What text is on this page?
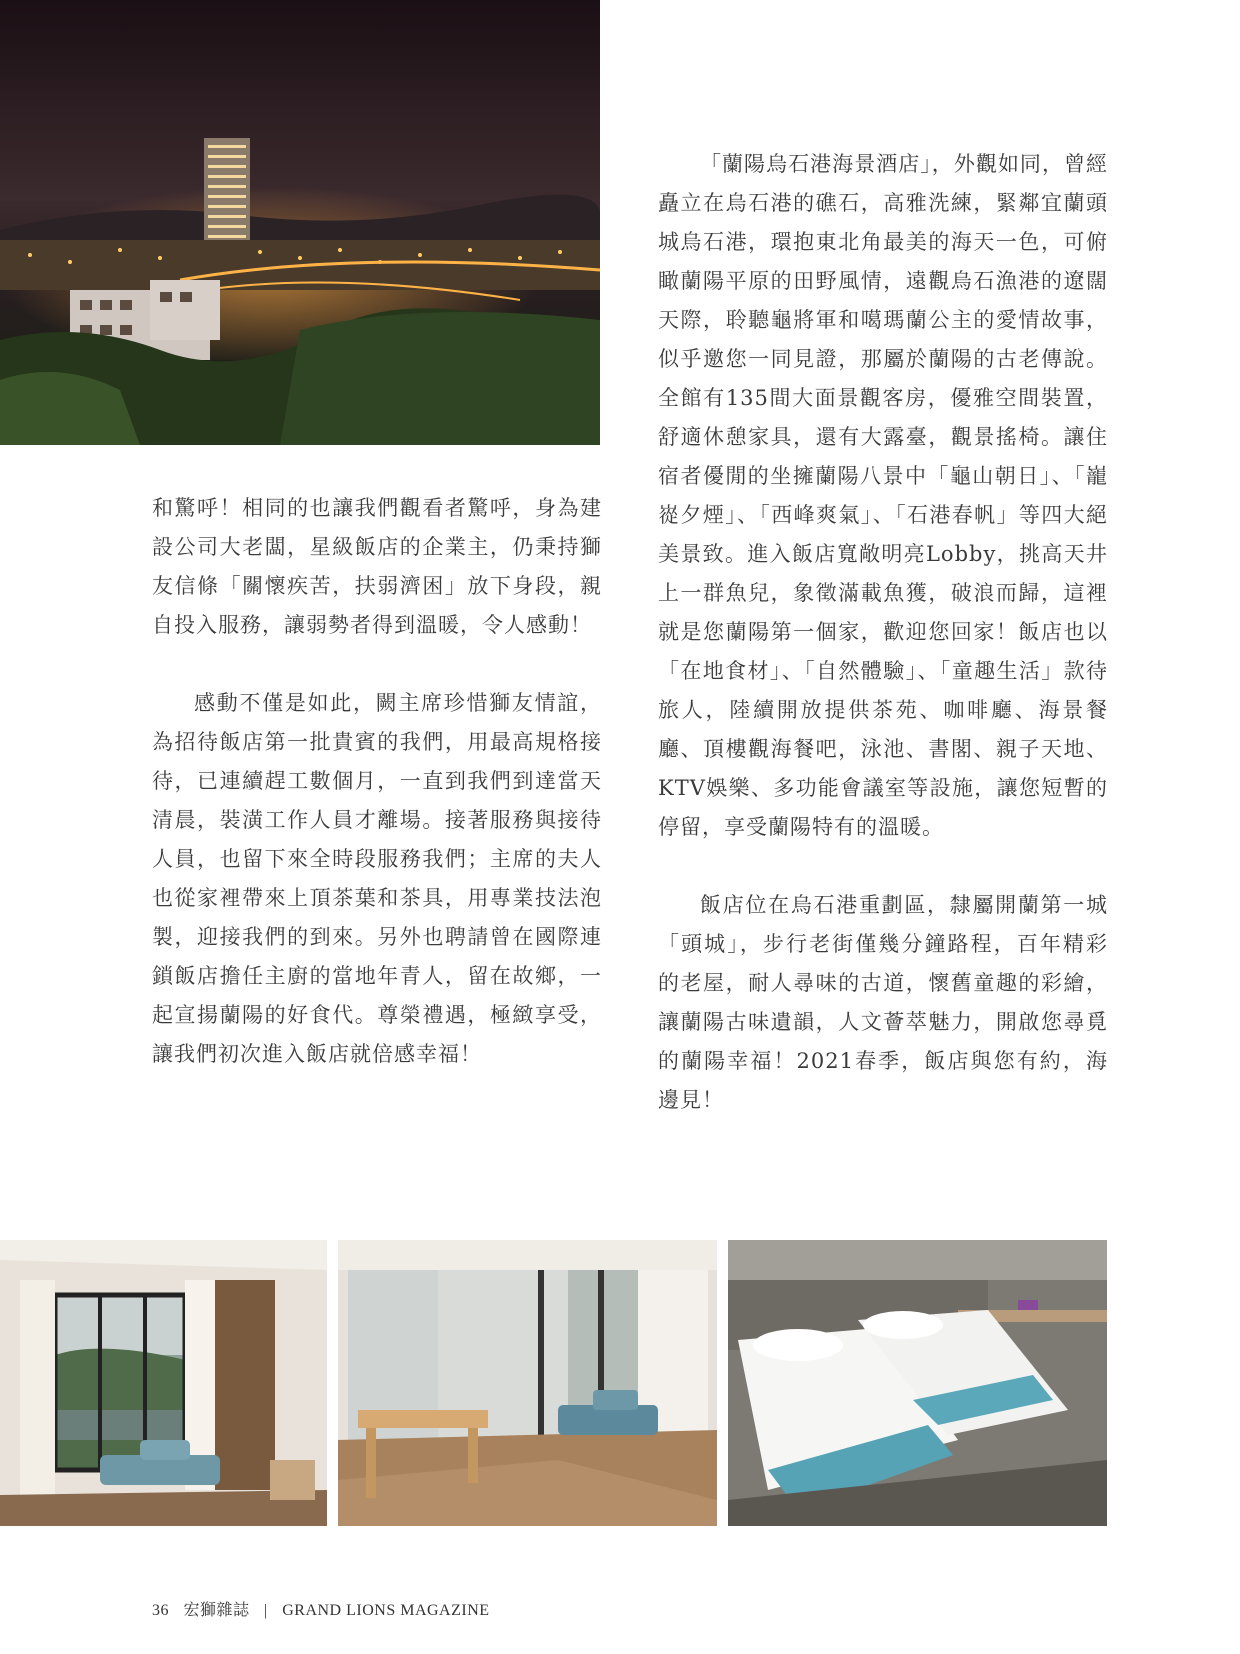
和驚呼！相同的也讓我們觀看者驚呼，身為建設公司大老闆，星級飯店的企業主，仍秉持獅友信條「關懷疾苦，扶弱濟困」放下身段，親自投入服務，讓弱勢者得到溫暖，令人感動！

感動不僅是如此，闕主席珍惜獅友情誼，為招待飯店第一批貴賓的我們，用最高規格接待，已連續趕工數個月，一直到我們到達當天清晨，裝潢工作人員才離場。接著服務與接待人員，也留下來全時段服務我們；主席的夫人也從家裡帶來上頂茶葉和茶具，用專業技法泡製，迎接我們的到來。另外也聘請曾在國際連鎖飯店擔任主廚的當地年青人，留在故鄉，一起宣揚蘭陽的好食代。尊榮禮遇，極緻享受，讓我們初次進入飯店就倍感幸福！

「蘭陽烏石港海景酒店」，外觀如同，曾經矗立在烏石港的礁石，高雅洗練，緊鄰宜蘭頭城烏石港，環抱東北角最美的海天一色，可俯瞰蘭陽平原的田野風情，遠觀烏石漁港的遼闊天際，聆聽龜將軍和噶瑪蘭公主的愛情故事，似乎邀您一同見證，那屬於蘭陽的古老傳說。全館有135間大面景觀客房，優雅空間裝置，舒適休憩家具，還有大露臺，觀景搖椅。讓住宿者優閒的坐擁蘭陽八景中「龜山朝日」、「巃嵸夕煙」、「西峰爽氣」、「石港春帆」等四大絕美景致。進入飯店寬敞明亮Lobby，挑高天井上一群魚兒，象徵滿載魚獲，破浪而歸，這裡就是您蘭陽第一個家，歡迎您回家！飯店也以「在地食材」、「自然體驗」、「童趣生活」款待旅人，陸續開放提供茶苑、咖啡廳、海景餐廳、頂樓觀海餐吧，泳池、書閣、親子天地、KTV娛樂、多功能會議室等設施，讓您短暫的停留，享受蘭陽特有的溫暖。

飯店位在烏石港重劃區，隸屬開蘭第一城「頭城」，步行老街僅幾分鐘路程，百年精彩的老屋，耐人尋味的古道，懷舊童趣的彩繪，讓蘭陽古味遺韻，人文薈萃魅力，開啟您尋覓的蘭陽幸福！2021春季，飯店與您有約，海邊見！

36 宏獅雜誌 | GRAND LIONS MAGAZINE
